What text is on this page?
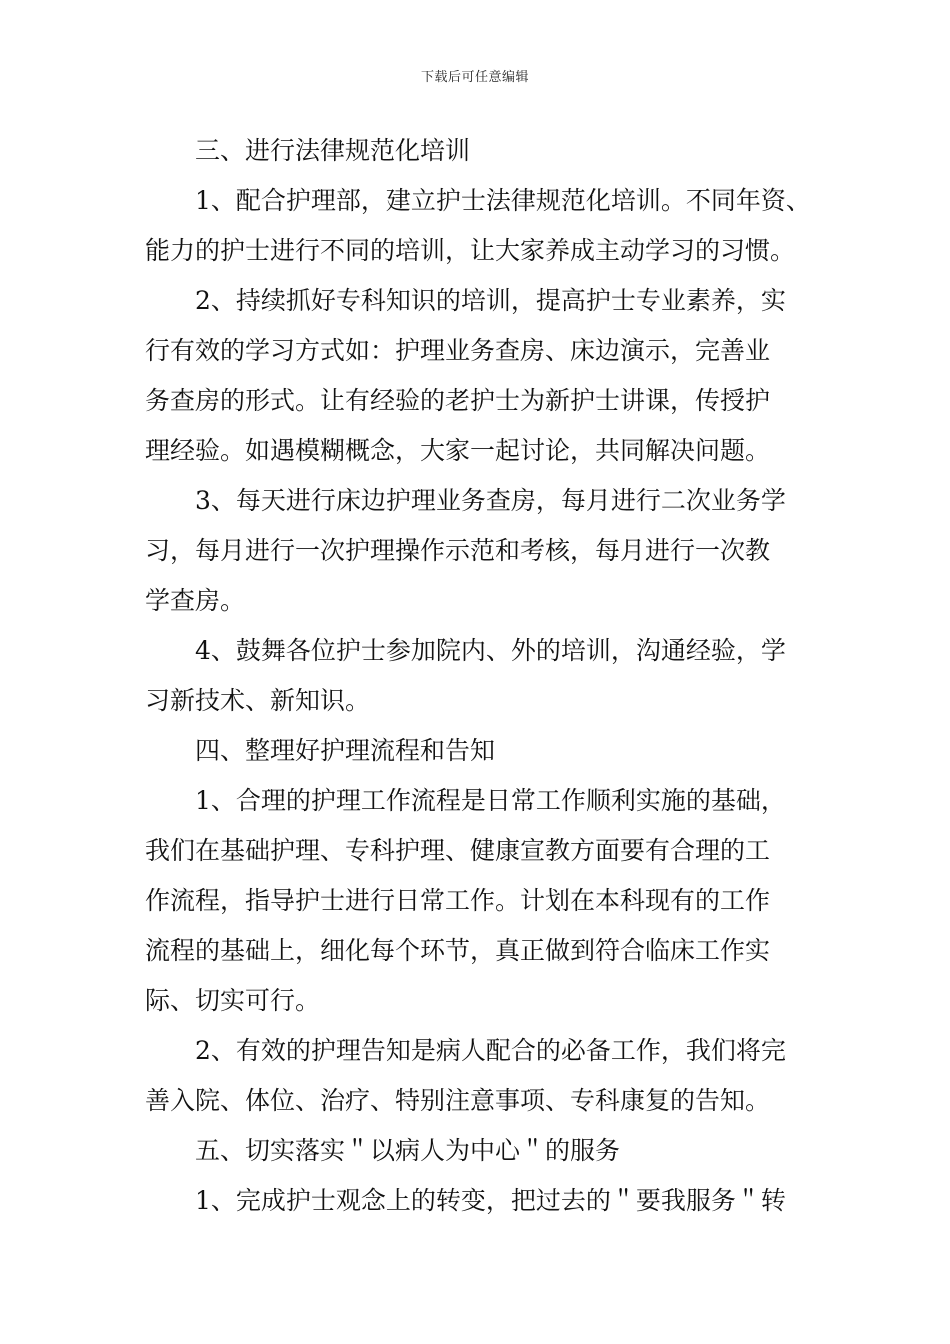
下载后可任意编辑
三、进行法律规范化培训
1、配合护理部，建立护士法律规范化培训。不同年资、
能力的护士进行不同的培训，让大家养成主动学习的习惯。
2、持续抓好专科知识的培训，提高护士专业素养，实
行有效的学习方式如：护理业务查房、床边演示，完善业
务查房的形式。让有经验的老护士为新护士讲课，传授护
理经验。如遇模糊概念，大家一起讨论，共同解决问题。
3、每天进行床边护理业务查房，每月进行二次业务学
习，每月进行一次护理操作示范和考核，每月进行一次教
学查房。
4、鼓舞各位护士参加院内、外的培训，沟通经验，学
习新技术、新知识。
四、整理好护理流程和告知
1、合理的护理工作流程是日常工作顺利实施的基础，
我们在基础护理、专科护理、健康宣教方面要有合理的工
作流程，指导护士进行日常工作。计划在本科现有的工作
流程的基础上，细化每个环节，真正做到符合临床工作实
际、切实可行。
2、有效的护理告知是病人配合的必备工作，我们将完
善入院、体位、治疗、特别注意事项、专科康复的告知。
五、切实落实＂以病人为中心＂的服务
1、完成护士观念上的转变，把过去的＂要我服务＂转
